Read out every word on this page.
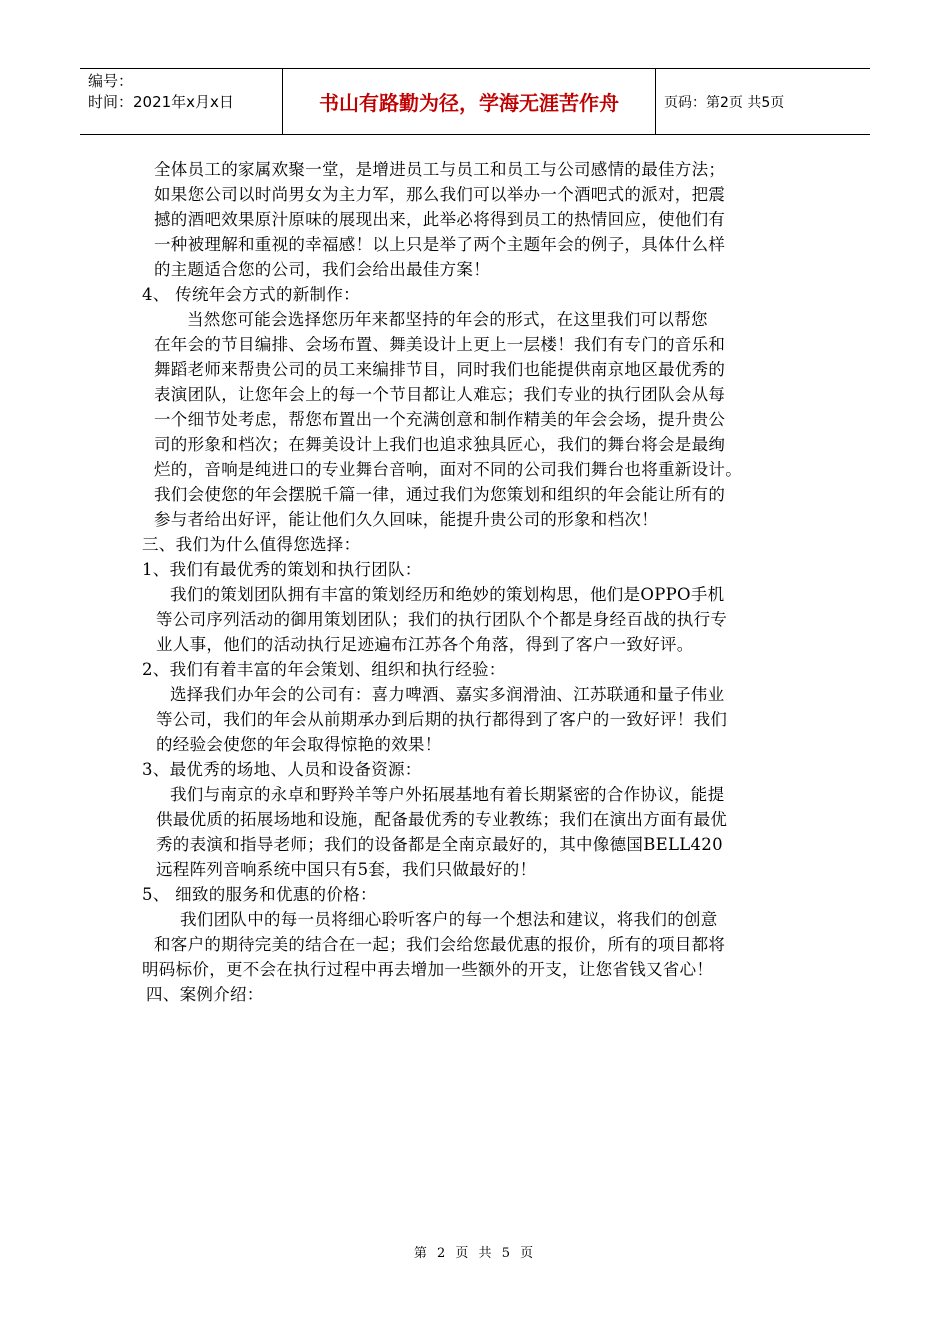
编号：
时间：2021年x月x日	书山有路勤为径，学海无涯苦作舟	页码：第2页 共5页
全体员工的家属欢聚一堂，是增进员工与员工和员工与公司感情的最佳方法；
如果您公司以时尚男女为主力军，那么我们可以举办一个酒吧式的派对，把震
撼的酒吧效果原汁原味的展现出来，此举必将得到员工的热情回应，使他们有
一种被理解和重视的幸福感！以上只是举了两个主题年会的例子，具体什么样
的主题适合您的公司，我们会给出最佳方案！
4、 传统年会方式的新制作：
当然您可能会选择您历年来都坚持的年会的形式，在这里我们可以帮您
在年会的节目编排、会场布置、舞美设计上更上一层楼！我们有专门的音乐和
舞蹈老师来帮贵公司的员工来编排节目，同时我们也能提供南京地区最优秀的
表演团队，让您年会上的每一个节目都让人难忘；我们专业的执行团队会从每
一个细节处考虑，帮您布置出一个充满创意和制作精美的年会会场，提升贵公
司的形象和档次；在舞美设计上我们也追求独具匠心，我们的舞台将会是最绚
烂的，音响是纯进口的专业舞台音响，面对不同的公司我们舞台也将重新设计。
我们会使您的年会摆脱千篇一律，通过我们为您策划和组织的年会能让所有的
参与者给出好评，能让他们久久回味，能提升贵公司的形象和档次！
三、我们为什么值得您选择：
1、我们有最优秀的策划和执行团队：
我们的策划团队拥有丰富的策划经历和绝妙的策划构思，他们是OPPO手机
等公司序列活动的御用策划团队；我们的执行团队个个都是身经百战的执行专
业人事，他们的活动执行足迹遍布江苏各个角落，得到了客户一致好评。
2、我们有着丰富的年会策划、组织和执行经验：
选择我们办年会的公司有：喜力啤酒、嘉实多润滑油、江苏联通和量子伟业
等公司，我们的年会从前期承办到后期的执行都得到了客户的一致好评！我们
的经验会使您的年会取得惊艳的效果！
3、最优秀的场地、人员和设备资源：
我们与南京的永卓和野羚羊等户外拓展基地有着长期紧密的合作协议，能提
供最优质的拓展场地和设施，配备最优秀的专业教练；我们在演出方面有最优
秀的表演和指导老师；我们的设备都是全南京最好的，其中像德国BELL420
远程阵列音响系统中国只有5套，我们只做最好的！
5、 细致的服务和优惠的价格：
我们团队中的每一员将细心聆听客户的每一个想法和建议，将我们的创意
和客户的期待完美的结合在一起；我们会给您最优惠的报价，所有的项目都将
明码标价，更不会在执行过程中再去增加一些额外的开支，让您省钱又省心！
四、案例介绍：
第 2 页 共 5 页
